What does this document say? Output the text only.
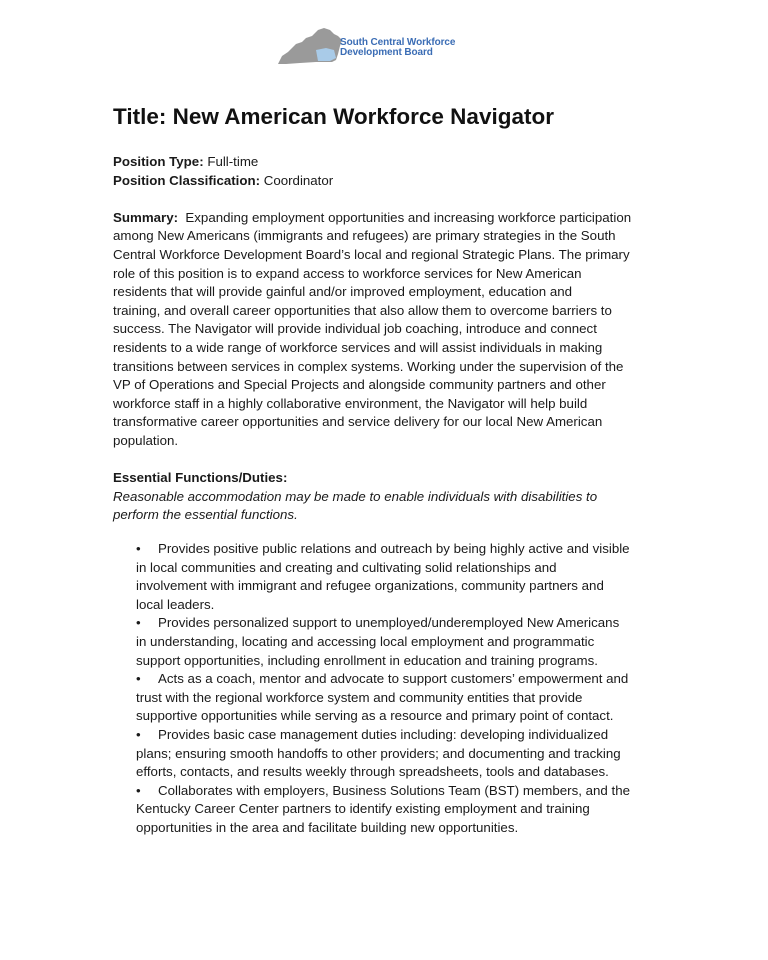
South Central Workforce
Development Board
Title: New American Workforce Navigator
Position Type: Full-time
Position Classification: Coordinator
Summary:  Expanding employment opportunities and increasing workforce participation
among New Americans (immigrants and refugees) are primary strategies in the South
Central Workforce Development Board’s local and regional Strategic Plans. The primary
role of this position is to expand access to workforce services for New American
residents that will provide gainful and/or improved employment, education and
training, and overall career opportunities that also allow them to overcome barriers to
success. The Navigator will provide individual job coaching, introduce and connect
residents to a wide range of workforce services and will assist individuals in making
transitions between services in complex systems. Working under the supervision of the
VP of Operations and Special Projects and alongside community partners and other
workforce staff in a highly collaborative environment, the Navigator will help build
transformative career opportunities and service delivery for our local New American
population.
Essential Functions/Duties:
Reasonable accommodation may be made to enable individuals with disabilities to
perform the essential functions.
• Provides positive public relations and outreach by being highly active and visible
in local communities and creating and cultivating solid relationships and
involvement with immigrant and refugee organizations, community partners and
local leaders.
• Provides personalized support to unemployed/underemployed New Americans
in understanding, locating and accessing local employment and programmatic
support opportunities, including enrollment in education and training programs.
• Acts as a coach, mentor and advocate to support customers’ empowerment and
trust with the regional workforce system and community entities that provide
supportive opportunities while serving as a resource and primary point of contact.
• Provides basic case management duties including: developing individualized
plans; ensuring smooth handoffs to other providers; and documenting and tracking
efforts, contacts, and results weekly through spreadsheets, tools and databases.
• Collaborates with employers, Business Solutions Team (BST) members, and the
Kentucky Career Center partners to identify existing employment and training
opportunities in the area and facilitate building new opportunities.
